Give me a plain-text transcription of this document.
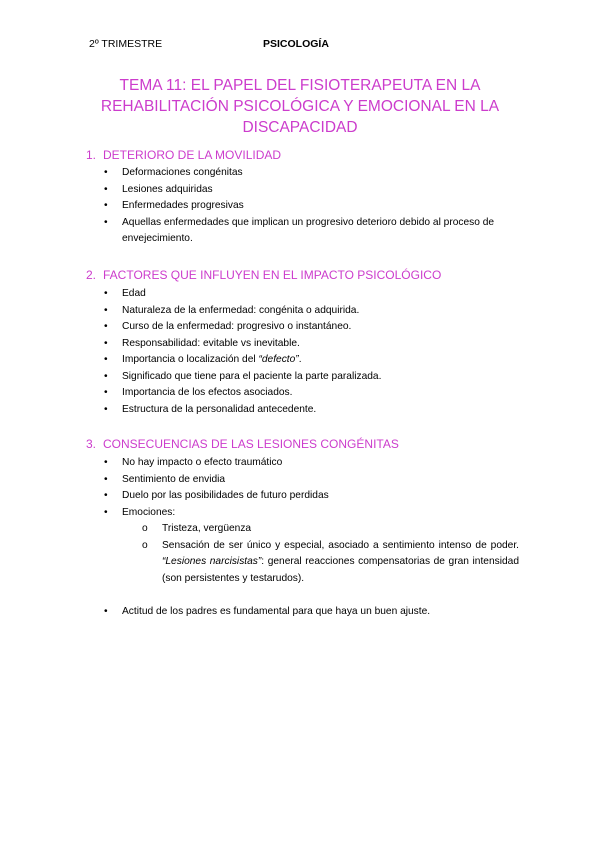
2º TRIMESTRE	PSICOLOGÍA
TEMA 11: EL PAPEL DEL FISIOTERAPEUTA EN LA
REHABILITACIÓN PSICOLÓGICA Y EMOCIONAL EN LA
DISCAPACIDAD
1. DETERIORO DE LA MOVILIDAD
• Deformaciones congénitas
• Lesiones adquiridas
• Enfermedades progresivas
• Aquellas enfermedades que implican un progresivo deterioro debido al proceso de envejecimiento.
2. FACTORES QUE INFLUYEN EN EL IMPACTO PSICOLÓGICO
• Edad
• Naturaleza de la enfermedad: congénita o adquirida.
• Curso de la enfermedad: progresivo o instantáneo.
• Responsabilidad: evitable vs inevitable.
• Importancia o localización del “defecto”.
• Significado que tiene para el paciente la parte paralizada.
• Importancia de los efectos asociados.
• Estructura de la personalidad antecedente.
3. CONSECUENCIAS DE LAS LESIONES CONGÉNITAS
• No hay impacto o efecto traumático
• Sentimiento de envidia
• Duelo por las posibilidades de futuro perdidas
• Emociones:
o Tristeza, vergüenza
o Sensación de ser único y especial, asociado a sentimiento intenso de poder. “Lesiones narcisistas”: general reacciones compensatorias de gran intensidad (son persistentes y testarudos).
• Actitud de los padres es fundamental para que haya un buen ajuste.
